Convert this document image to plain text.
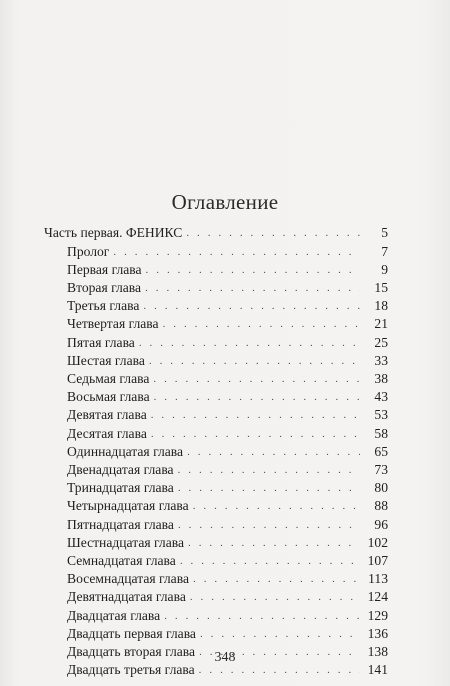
Оглавление
Часть первая. ФЕНИКС . . .	5
Пролог . . .	7
Первая глава . . .	9
Вторая глава . . .	15
Третья глава . . .	18
Четвертая глава . . .	21
Пятая глава . . .	25
Шестая глава . . .	33
Седьмая глава . . .	38
Восьмая глава . . .	43
Девятая глава . . .	53
Десятая глава . . .	58
Одиннадцатая глава . . .	65
Двенадцатая глава . . .	73
Тринадцатая глава . . .	80
Четырнадцатая глава . . .	88
Пятнадцатая глава . . .	96
Шестнадцатая глава . . .	102
Семнадцатая глава . . .	107
Восемнадцатая глава . . .	113
Девятнадцатая глава . . .	124
Двадцатая глава . . .	129
Двадцать первая глава . . .	136
Двадцать вторая глава . . .	138
Двадцать третья глава . . .	141
348
